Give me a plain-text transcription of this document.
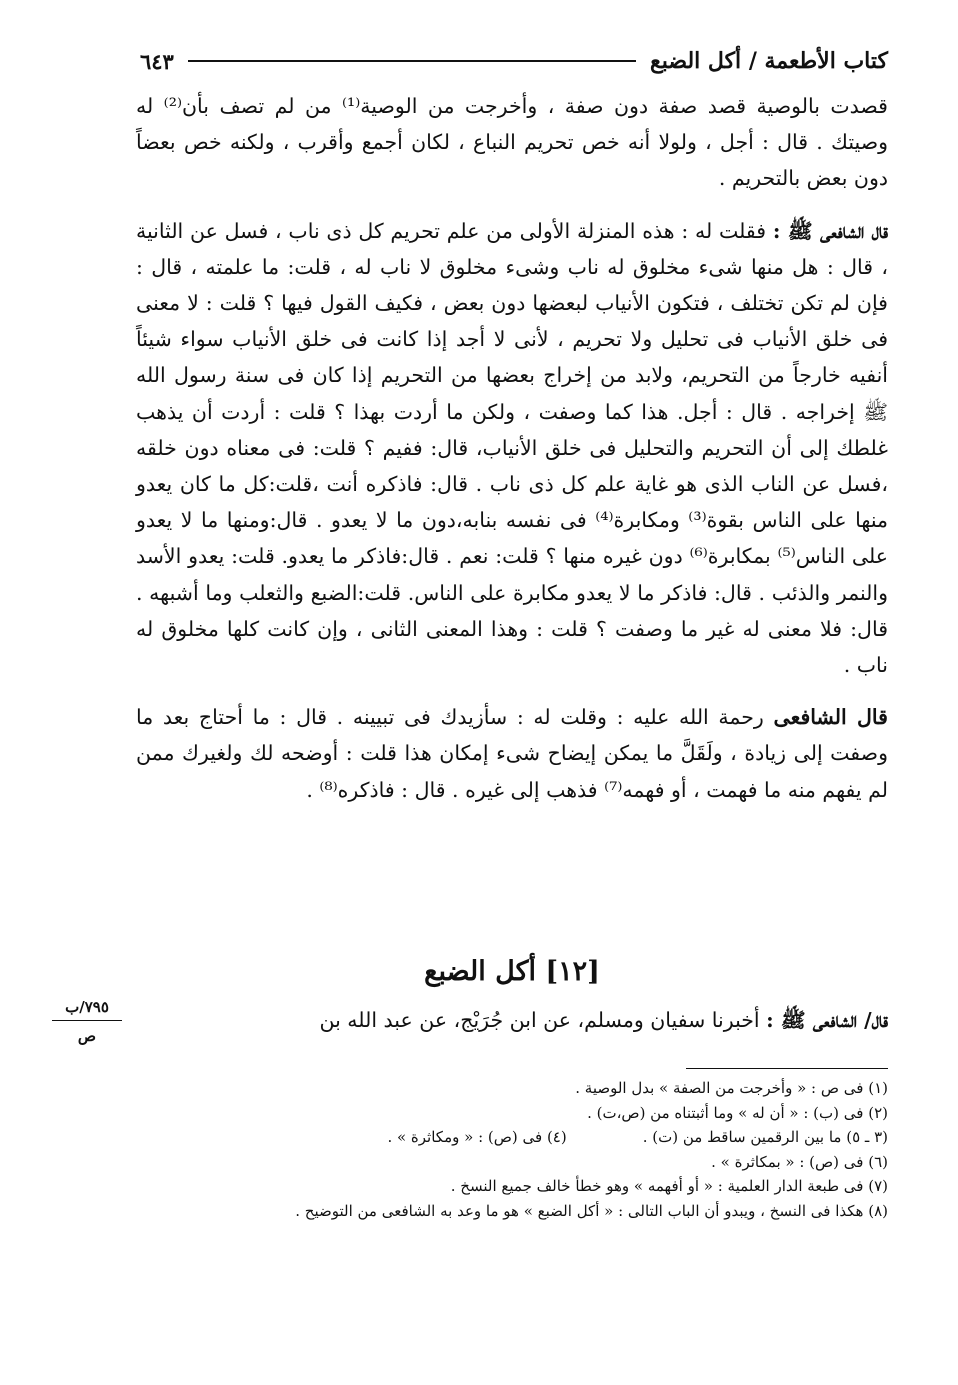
كتاب الأطعمة / أكل الضبع
٦٤٣

قصدت بالوصية قصد صفة دون صفة ، وأخرجت من الوصية⁽¹⁾ من لم تصف بأن⁽²⁾ له وصيتك . قال : أجل ، ولولا أنه خص تحريم النباع ، لكان أجمع وأقرب ، ولكنه خص بعضاً دون بعض بالتحريم .

قال الشافعى ﷺ : فقلت له : هذه المنزلة الأولى من علم تحريم كل ذى ناب ، فسل عن الثانية ، قال : هل منها شىء مخلوق له ناب وشىء مخلوق لا ناب له ، قلت: ما علمته ، قال : فإن لم تكن تختلف ، فتكون الأنياب لبعضها دون بعض ، فكيف القول فيها ؟ قلت : لا معنى فى خلق الأنياب فى تحليل ولا تحريم ، لأنى لا أجد إذا كانت فى خلق الأنياب سواء شيئاً أنفيه خارجاً من التحريم، ولابد من إخراج بعضها من التحريم إذا كان فى سنة رسول الله ﷺ إخراجه . قال : أجل. هذا كما وصفت ، ولكن ما أردت بهذا ؟ قلت : أردت أن يذهب غلطك إلى أن التحريم والتحليل فى خلق الأنياب، قال: ففيم ؟ قلت: فى معناه دون خلقه ،فسل عن الناب الذى هو غاية علم كل ذى ناب . قال: فاذكره أنت ،قلت:كل ما كان يعدو منها على الناس بقوة⁽³⁾ ومكابرة⁽⁴⁾ فى نفسه بنابه،دون ما لا يعدو . قال:ومنها ما لا يعدو على الناس⁽⁵⁾ بمكابرة⁽⁶⁾ دون غيره منها ؟ قلت: نعم . قال:فاذكر ما يعدو. قلت: يعدو الأسد والنمر والذئب . قال: فاذكر ما لا يعدو مكابرة على الناس. قلت:الضبع والثعلب وما أشبهه . قال: فلا معنى له غير ما وصفت ؟ قلت : وهذا المعنى الثانى ، وإن كانت كلها مخلوق له ناب .

قال الشافعى رحمة الله عليه : وقلت له : سأزيدك فى تبيينه . قال : ما أحتاج بعد ما وصفت إلى زيادة ، ولَقَلَّ ما يمكن إيضاح شىء إمكان هذا قلت : أوضحه لك ولغيرك ممن لم يفهم منه ما فهمت ، أو فهمه⁽⁷⁾ فذهب إلى غيره . قال : فاذكره⁽⁸⁾ .

[١٢] أكل الضبع

قال/ الشافعى ﷺ : أخبرنا سفيان ومسلم، عن ابن جُرَيْج، عن عبد الله بن

٧٩٥/ب
ص

(١) فى ص : « وأخرجت من الصفة » بدل الوصية .

(٢) فى (ب) : « أن له » وما أثبتناه من (ص،ت) .

(٣ ـ ٥) ما بين الرقمين ساقط من (ت) .

(٤) فى (ص) : « ومكاثرة » .

(٦) فى (ص) : « بمكاثرة » .

(٧) فى طبعة الدار العلمية : « أو أفهمه » وهو خطأ خالف جميع النسخ .

(٨) هكذا فى النسخ ، ويبدو أن الباب التالى : « أكل الضبع » هو ما وعد به الشافعى من التوضيح .
